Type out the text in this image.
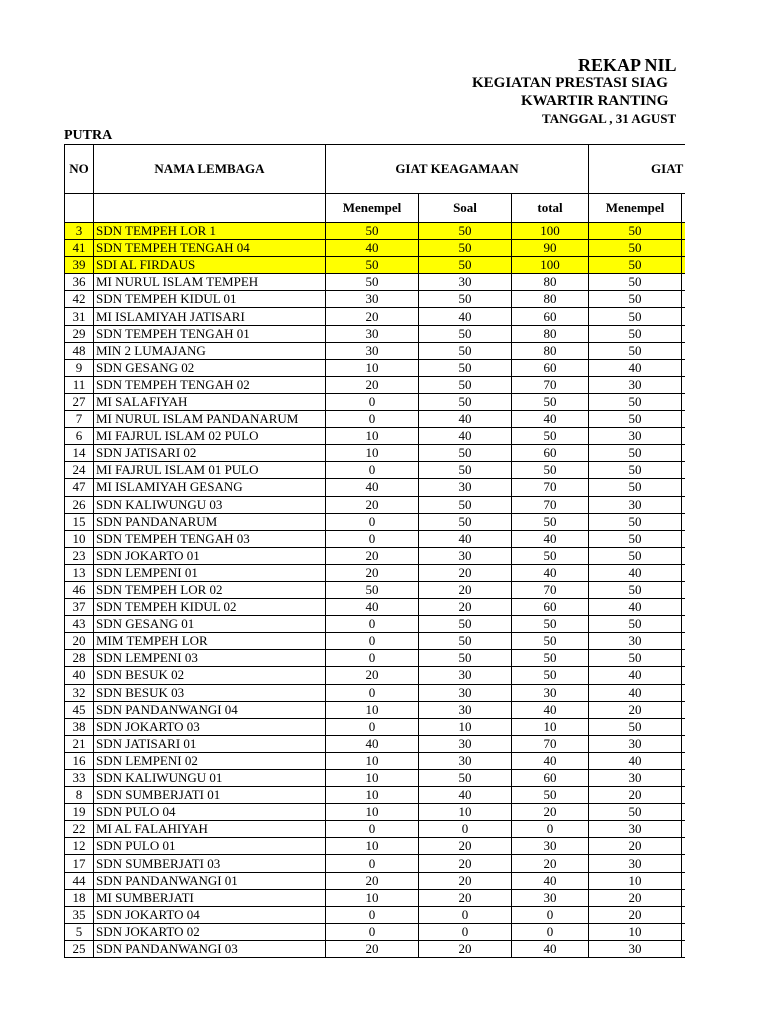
REKAP NIL
KEGIATAN PRESTASI SIAG
KWARTIR RANTING
TANGGAL , 31 AGUST
PUTRA
NO	NAMA LEMBAGA	GIAT KEAGAMAAN			GIAT	
		Menempel	Soal	total	Menempel	
3	SDN TEMPEH LOR 1	50	50	100	50	
41	SDN TEMPEH TENGAH 04	40	50	90	50	
39	SDI AL FIRDAUS	50	50	100	50	
36	MI NURUL ISLAM TEMPEH	50	30	80	50	
42	SDN TEMPEH KIDUL 01	30	50	80	50	
31	MI ISLAMIYAH JATISARI	20	40	60	50	
29	SDN TEMPEH TENGAH 01	30	50	80	50	
48	MIN 2 LUMAJANG	30	50	80	50	
9	SDN GESANG 02	10	50	60	40	
11	SDN TEMPEH TENGAH 02	20	50	70	30	
27	MI SALAFIYAH	0	50	50	50	
7	MI NURUL ISLAM PANDANARUM	0	40	40	50	
6	MI FAJRUL ISLAM 02 PULO	10	40	50	30	
14	SDN JATISARI 02	10	50	60	50	
24	MI FAJRUL ISLAM 01 PULO	0	50	50	50	
47	MI ISLAMIYAH GESANG	40	30	70	50	
26	SDN KALIWUNGU 03	20	50	70	30	
15	SDN PANDANARUM	0	50	50	50	
10	SDN TEMPEH TENGAH 03	0	40	40	50	
23	SDN JOKARTO 01	20	30	50	50	
13	SDN LEMPENI 01	20	20	40	40	
46	SDN TEMPEH LOR 02	50	20	70	50	
37	SDN TEMPEH KIDUL 02	40	20	60	40	
43	SDN GESANG 01	0	50	50	50	
20	MIM TEMPEH LOR	0	50	50	30	
28	SDN LEMPENI 03	0	50	50	50	
40	SDN BESUK 02	20	30	50	40	
32	SDN BESUK 03	0	30	30	40	
45	SDN PANDANWANGI 04	10	30	40	20	
38	SDN JOKARTO 03	0	10	10	50	
21	SDN JATISARI 01	40	30	70	30	
16	SDN LEMPENI 02	10	30	40	40	
33	SDN KALIWUNGU 01	10	50	60	30	
8	SDN SUMBERJATI 01	10	40	50	20	
19	SDN PULO 04	10	10	20	50	
22	MI AL FALAHIYAH	0	0	0	30	
12	SDN PULO 01	10	20	30	20	
17	SDN SUMBERJATI 03	0	20	20	30	
44	SDN PANDANWANGI 01	20	20	40	10	
18	MI SUMBERJATI	10	20	30	20	
35	SDN JOKARTO 04	0	0	0	20	
5	SDN JOKARTO 02	0	0	0	10	
25	SDN PANDANWANGI 03	20	20	40	30	
